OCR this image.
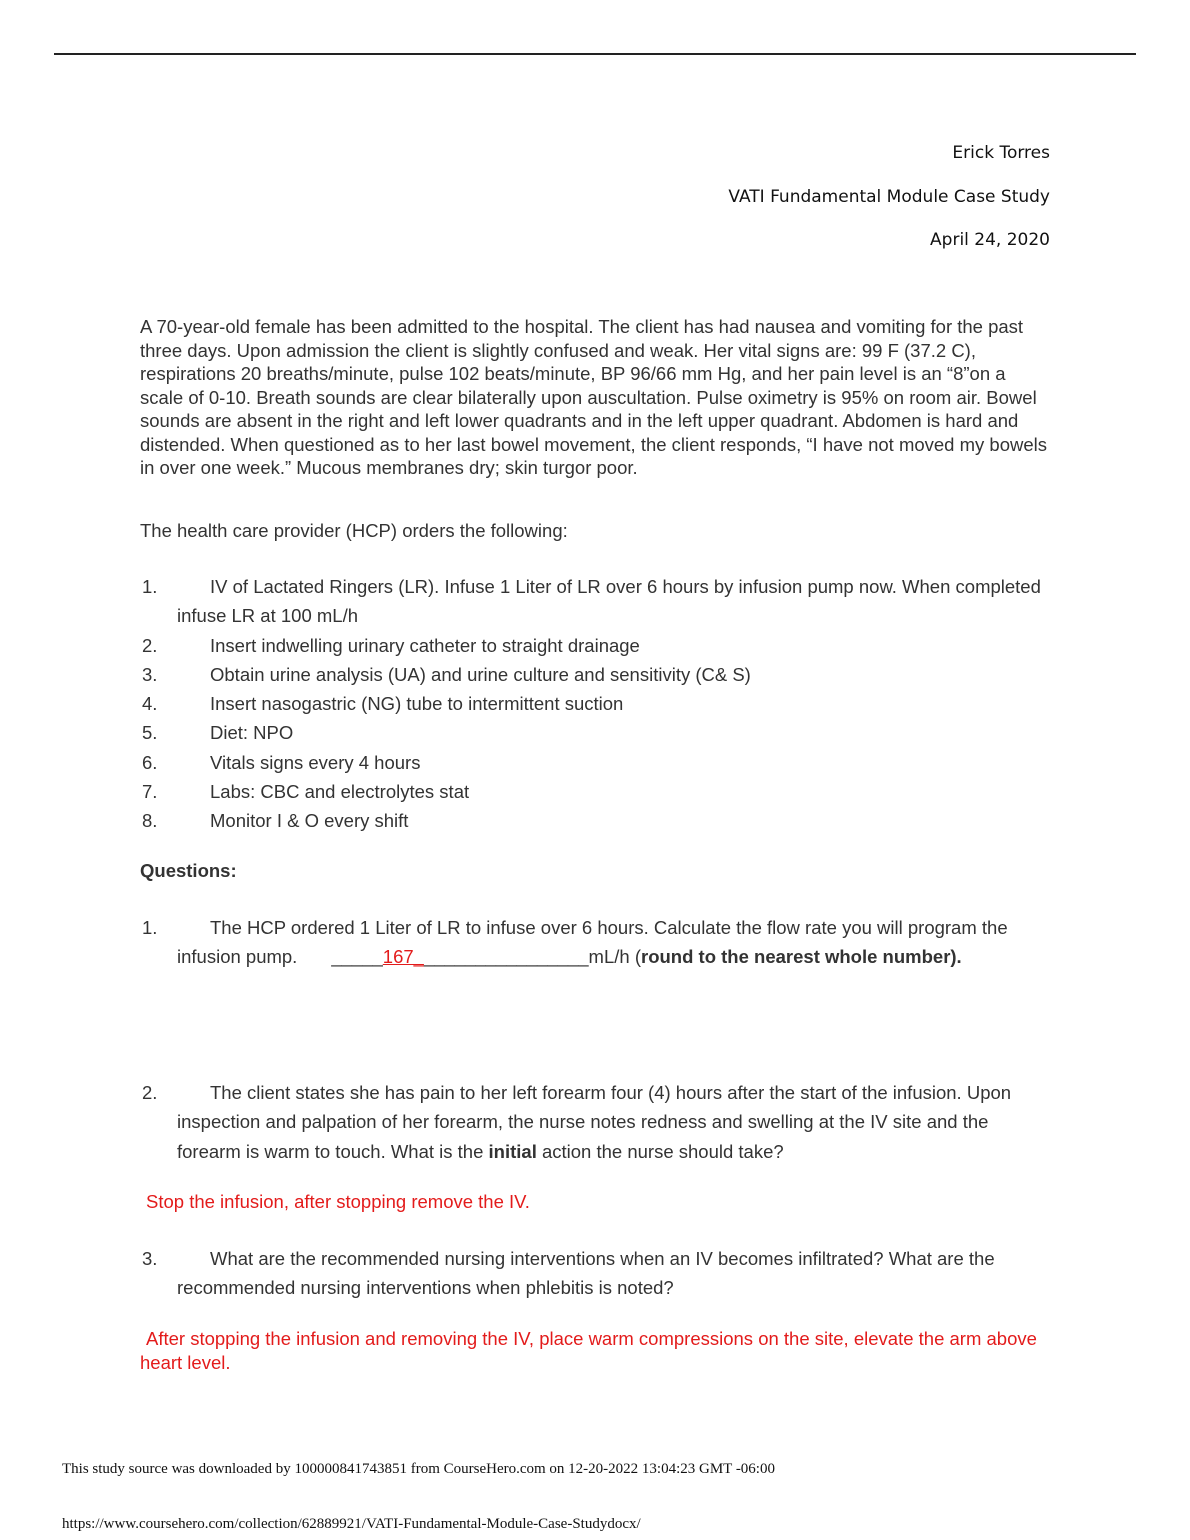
Erick Torres
VATI Fundamental Module Case Study
April 24, 2020
A 70-year-old female has been admitted to the hospital. The client has had nausea and vomiting for the past three days. Upon admission the client is slightly confused and weak. Her vital signs are: 99 F (37.2 C), respirations 20 breaths/minute, pulse 102 beats/minute, BP 96/66 mm Hg, and her pain level is an “8”on a scale of 0-10. Breath sounds are clear bilaterally upon auscultation. Pulse oximetry is 95% on room air. Bowel sounds are absent in the right and left lower quadrants and in the left upper quadrant. Abdomen is hard and distended. When questioned as to her last bowel movement, the client responds, “I have not moved my bowels in over one week.” Mucous membranes dry; skin turgor poor.
The health care provider (HCP) orders the following:
1.	IV of Lactated Ringers (LR). Infuse 1 Liter of LR over 6 hours by infusion pump now. When completed infuse LR at 100 mL/h
2.	Insert indwelling urinary catheter to straight drainage
3.	Obtain urine analysis (UA) and urine culture and sensitivity (C& S)
4.	Insert nasogastric (NG) tube to intermittent suction
5.	Diet: NPO
6.	Vitals signs every 4 hours
7.	Labs: CBC and electrolytes stat
8.	Monitor I & O every shift
Questions:
1.	The HCP ordered 1 Liter of LR to infuse over 6 hours. Calculate the flow rate you will program the infusion pump. _____167_________________mL/h (round to the nearest whole number).
2.	The client states she has pain to her left forearm four (4) hours after the start of the infusion. Upon inspection and palpation of her forearm, the nurse notes redness and swelling at the IV site and the forearm is warm to touch. What is the initial action the nurse should take?
Stop the infusion, after stopping remove the IV.
3.	What are the recommended nursing interventions when an IV becomes infiltrated? What are the recommended nursing interventions when phlebitis is noted?
After stopping the infusion and removing the IV, place warm compressions on the site, elevate the arm above heart level.
This study source was downloaded by 100000841743851 from CourseHero.com on 12-20-2022 13:04:23 GMT -06:00
https://www.coursehero.com/collection/62889921/VATI-Fundamental-Module-Case-Studydocx/
